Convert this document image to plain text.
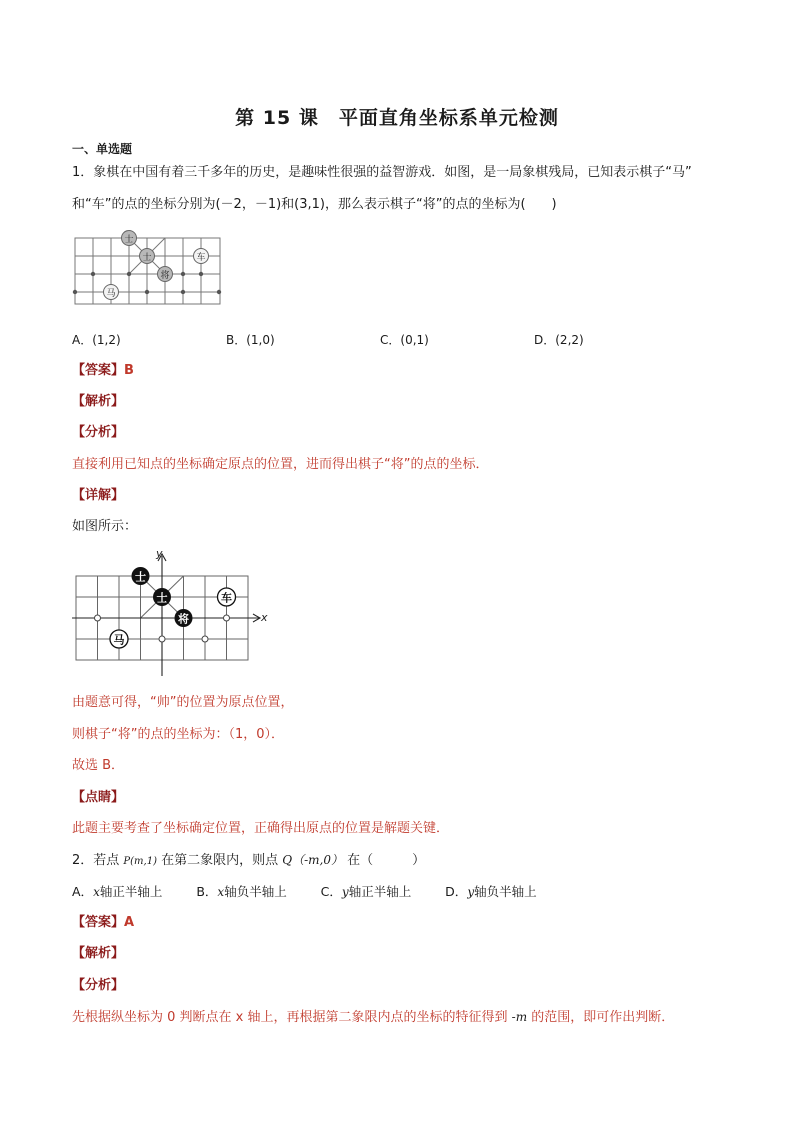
第 15 课　平面直角坐标系单元检测
一、单选题
1．象棋在中国有着三千多年的历史，是趣味性很强的益智游戏．如图，是一局象棋残局，已知表示棋子“马”
和“车”的点的坐标分别为(－2，－1)和(3,1)，那么表示棋子“将”的点的坐标为(　　)
士
士
将
车
马
A．(1,2)	B．(1,0)	C．(0,1)	D．(2,2)
【答案】B
【解析】
【分析】
直接利用已知点的坐标确定原点的位置，进而得出棋子“将”的点的坐标．
【详解】
如图所示：
y
x
士
士
将
车
马
由题意可得，“帅”的位置为原点位置，
则棋子“将”的点的坐标为：（1，0）．
故选 B．
【点睛】
此题主要考查了坐标确定位置，正确得出原点的位置是解题关键．
2．若点 P(m,1) 在第二象限内，则点 Q（-m,0） 在（　　　）
A．x轴正半轴上	B．x轴负半轴上	C．y轴正半轴上	D．y轴负半轴上
【答案】A
【解析】
【分析】
先根据纵坐标为 0 判断点在 x 轴上，再根据第二象限内点的坐标的特征得到 -m 的范围，即可作出判断．
